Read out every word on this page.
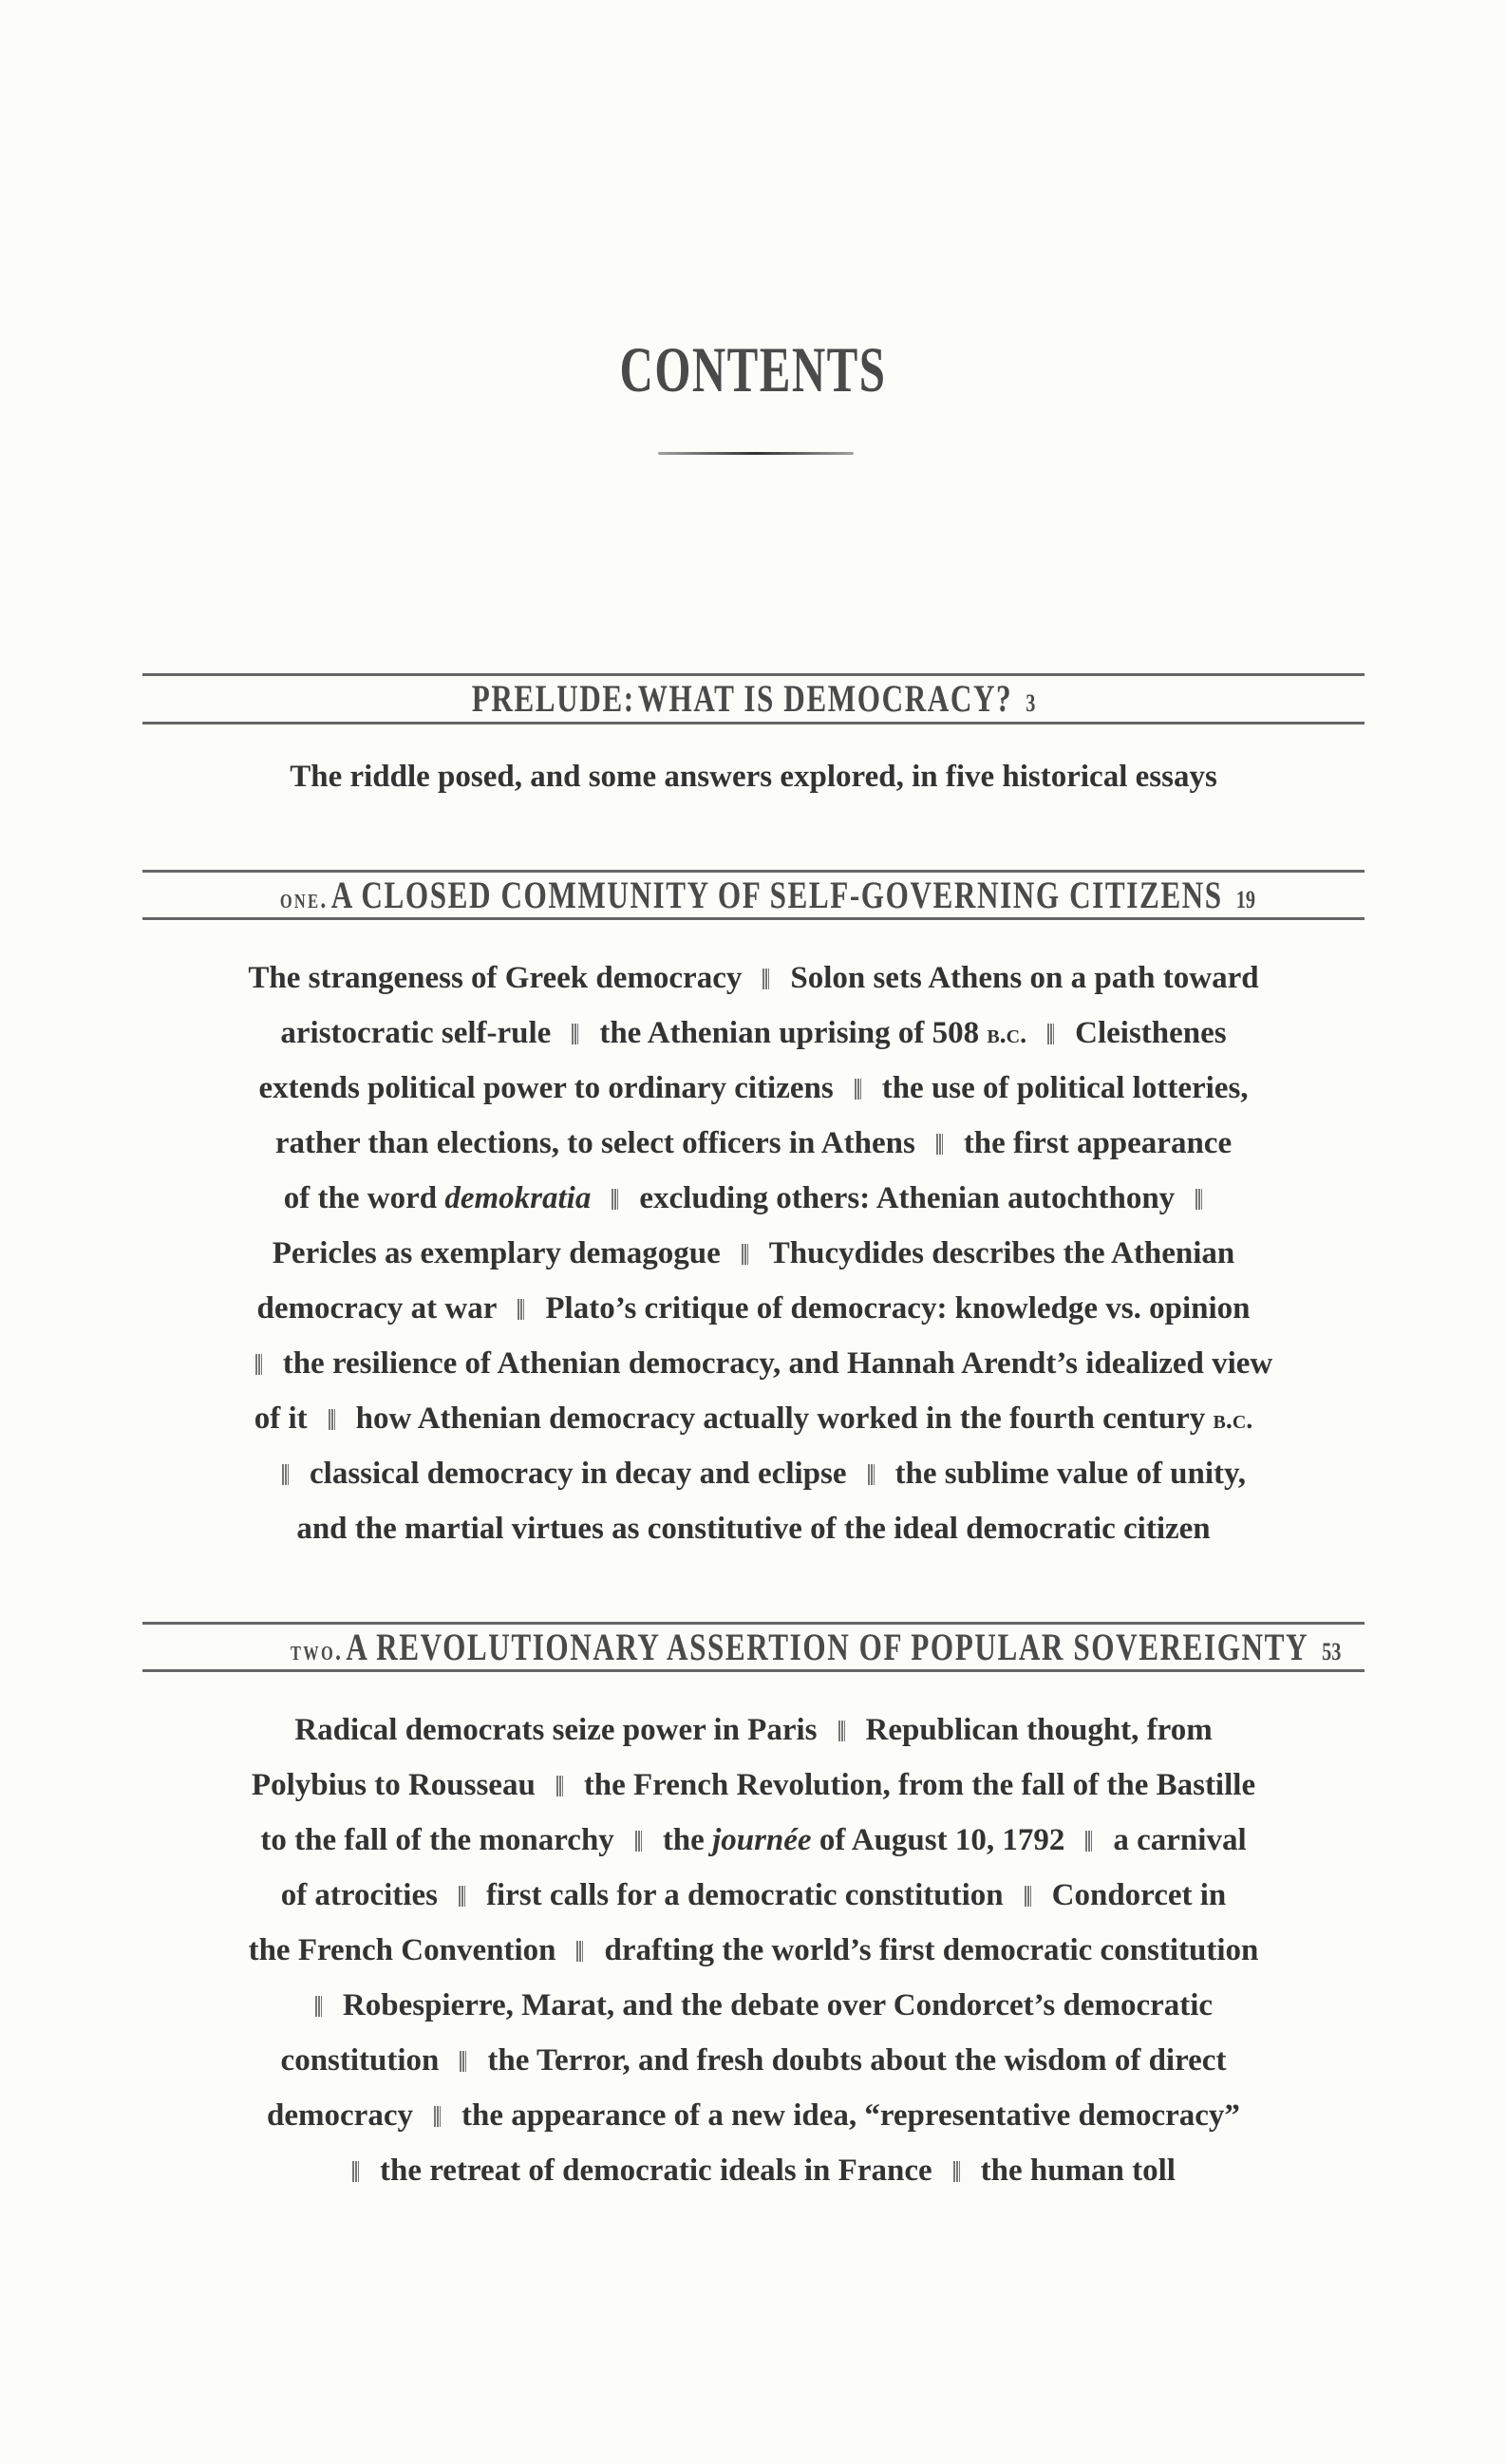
CONTENTS
PRELUDE: WHAT IS DEMOCRACY? 3
The riddle posed, and some answers explored, in five historical essays
one. A CLOSED COMMUNITY OF SELF-GOVERNING CITIZENS 19
The strangeness of Greek democracy Solon sets Athens on a path toward
aristocratic self-rule the Athenian uprising of 508 b.c. Cleisthenes
extends political power to ordinary citizens the use of political lotteries,
rather than elections, to select officers in Athens the first appearance
of the word demokratia excluding others: Athenian autochthony
Pericles as exemplary demagogue Thucydides describes the Athenian
democracy at war Plato’s critique of democracy: knowledge vs. opinion
the resilience of Athenian democracy, and Hannah Arendt’s idealized view
of it how Athenian democracy actually worked in the fourth century b.c.
classical democracy in decay and eclipse the sublime value of unity,
and the martial virtues as constitutive of the ideal democratic citizen
two. A REVOLUTIONARY ASSERTION OF POPULAR SOVEREIGNTY 53
Radical democrats seize power in Paris Republican thought, from
Polybius to Rousseau the French Revolution, from the fall of the Bastille
to the fall of the monarchy the journée of August 10, 1792 a carnival
of atrocities first calls for a democratic constitution Condorcet in
the French Convention drafting the world’s first democratic constitution
Robespierre, Marat, and the debate over Condorcet’s democratic
constitution the Terror, and fresh doubts about the wisdom of direct
democracy the appearance of a new idea, “representative democracy”
the retreat of democratic ideals in France the human toll
